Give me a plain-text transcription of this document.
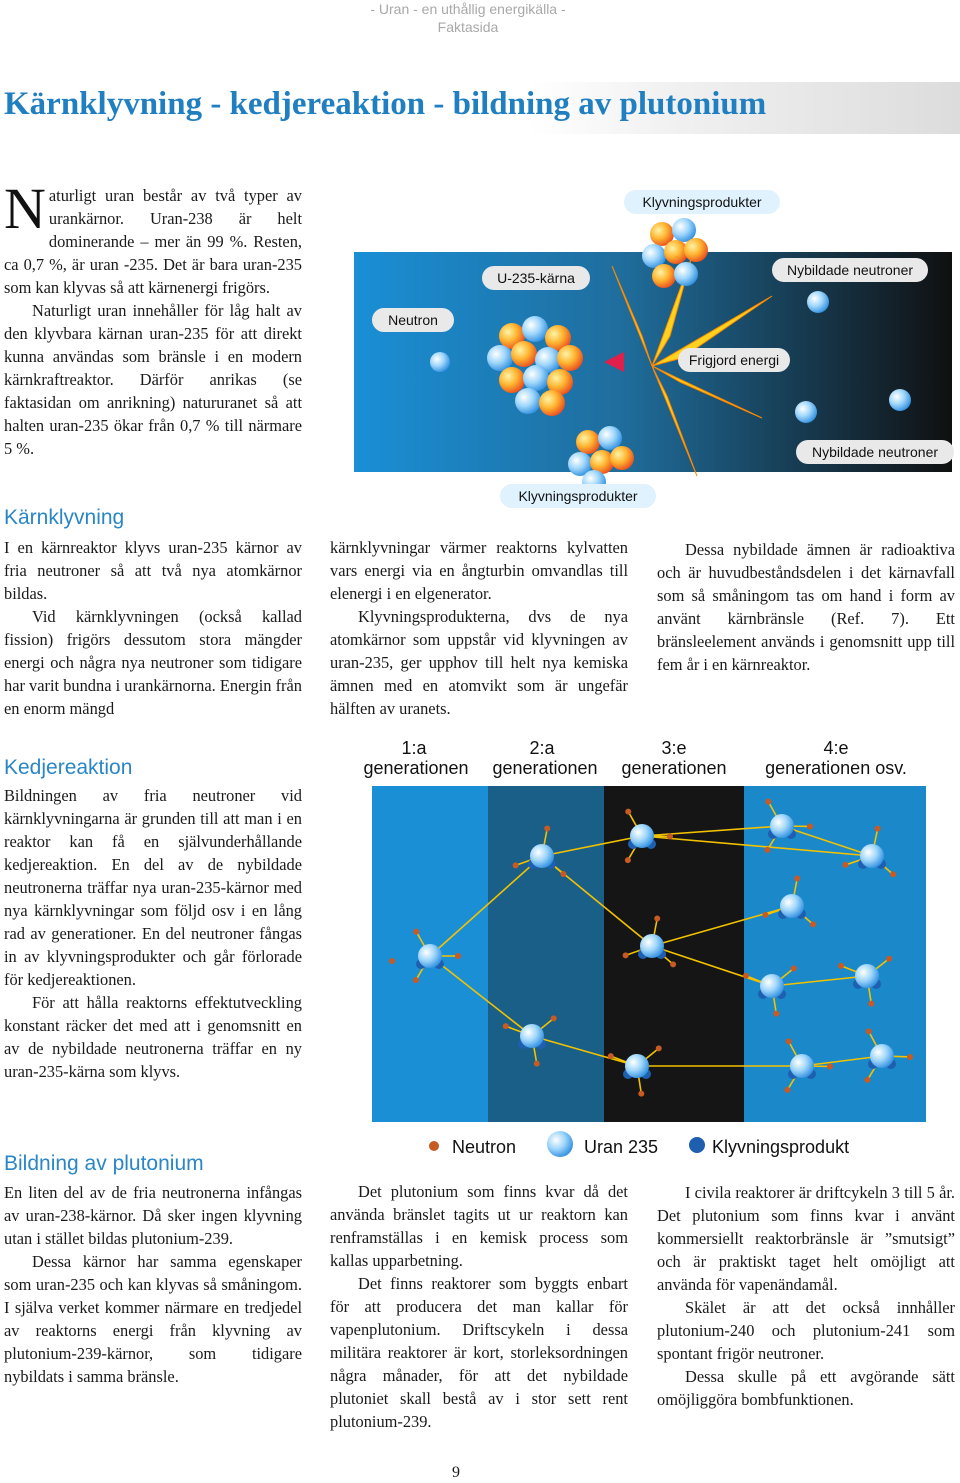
- Uran - en uthållig energikälla -
Faktasida
Kärnklyvning - kedjereaktion - bildning av plutonium

Naturligt uran består av två typer av urankärnor. Uran-238 är helt dominerande – mer än 99 %. Resten, ca 0,7 %, är uran -235. Det är bara uran-235 som kan klyvas så att kärnenergi frigörs.

Naturligt uran innehåller för låg halt av den klyvbara kärnan uran-235 för att direkt kunna användas som bränsle i en modern kärnkraftreaktor. Därför anrikas (se faktasidan om anrikning) natururanet så att halten uran-235 ökar från 0,7 % till närmare 5 %.

Neutron
U-235-kärna
Klyvningsprodukter
Nybildade neutroner
Frigjord energi
Nybildade neutroner
Klyvningsprodukter
Kärnklyvning

I en kärnreaktor klyvs uran-235 kärnor av fria neutroner så att två nya atomkärnor bildas.

Vid kärnklyvningen (också kallad fission) frigörs dessutom stora mängder energi och några nya neutroner som tidigare har varit bundna i urankärnorna. Energin från en enorm mängd

kärnklyvningar värmer reaktorns kylvatten vars energi via en ångturbin omvandlas till elenergi i en elgenerator.

Klyvningsprodukterna, dvs de nya atomkärnor som uppstår vid klyvningen av uran-235, ger upphov till helt nya kemiska ämnen med en atomvikt som är ungefär hälften av uranets.

Dessa nybildade ämnen är radioaktiva och är huvudbeståndsdelen i det kärnavfall som så småningom tas om hand i form av använt kärnbränsle (Ref. 7). Ett bränsleelement används i genomsnitt upp till fem år i en kärnreaktor.

Kedjereaktion

Bildningen av fria neutroner vid kärnklyvningarna är grunden till att man i en reaktor kan få en självunderhållande kedjereaktion. En del av de nybildade neutronerna träffar nya uran-235-kärnor med nya kärnklyvningar som följd osv i en lång rad av generationer. En del neutroner fångas in av klyvningsprodukter och går förlorade för kedjereaktionen.

För att hålla reaktorns effektutveckling konstant räcker det med att i genomsnitt en av de nybildade neutronerna träffar en ny uran-235-kärna som klyvs.

1:a
generationen
2:a
generationen
3:e
generationen
4:e
generationen osv.
Neutron	Uran 235	Klyvningsprodukt
Bildning av plutonium

En liten del av de fria neutronerna infångas av uran-238-kärnor. Då sker ingen klyvning utan i stället bildas plutonium-239.

Dessa kärnor har samma egenskaper som uran-235 och kan klyvas så småningom. I själva verket kommer närmare en tredjedel av reaktorns energi från klyvning av plutonium-239-kärnor, som tidigare nybildats i samma bränsle.

Det plutonium som finns kvar då det använda bränslet tagits ut ur reaktorn kan renframställas i en kemisk process som kallas upparbetning.

Det finns reaktorer som byggts enbart för att producera det man kallar för vapenplutonium. Driftscykeln i dessa militära reaktorer är kort, storleksordningen några månader, för att det nybildade plutoniet skall bestå av i stor sett rent plutonium-239.

I civila reaktorer är driftcykeln 3 till 5 år. Det plutonium som finns kvar i använt kommersiellt reaktorbränsle är ”smutsigt” och är praktiskt taget helt omöjligt att använda för vapenändamål.

Skälet är att det också innhåller plutonium-240 och plutonium-241 som spontant frigör neutroner.

Dessa skulle på ett avgörande sätt omöjliggöra bombfunktionen.

9
